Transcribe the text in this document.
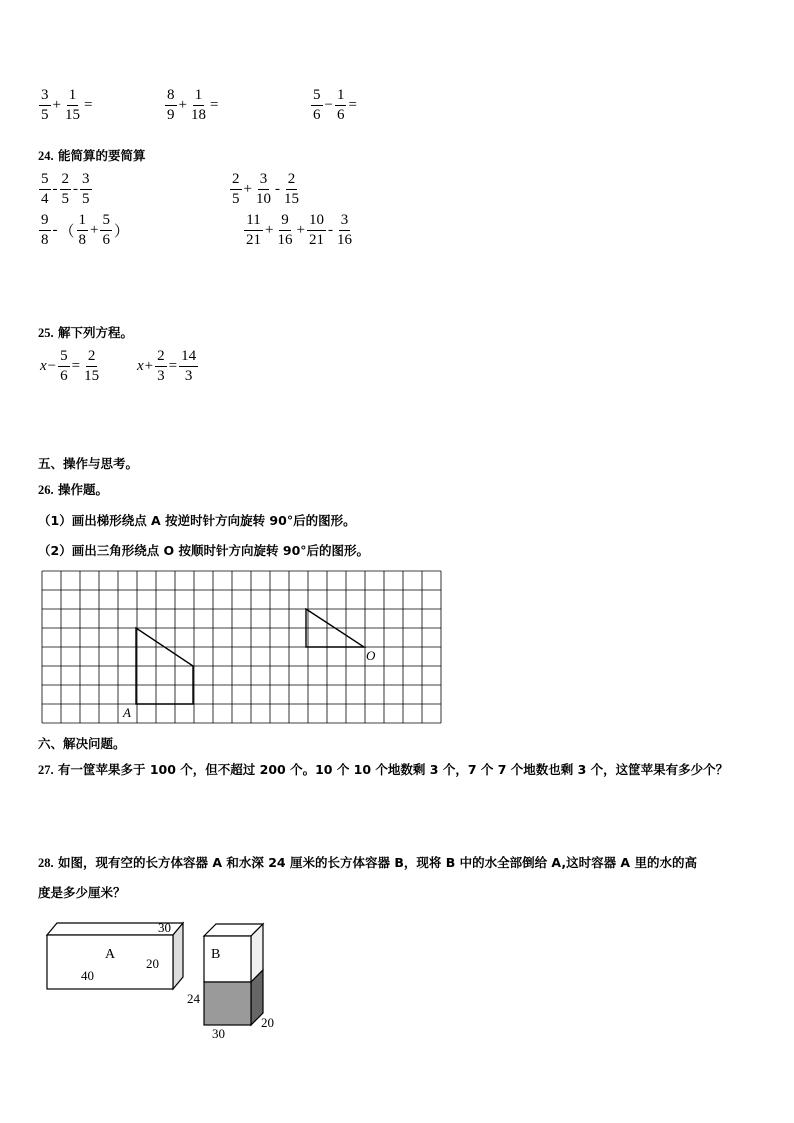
$\frac{3}{5} + \frac{1}{15}$ =	$\frac{8}{9} + \frac{1}{18}$ =	$\frac{5}{6} - \frac{1}{6}$ =
24. 能简算的要简算
$\frac{5}{4} - \frac{2}{5} - \frac{3}{5}$	$\frac{2}{5} + \frac{3}{10} - \frac{2}{15}$
$\frac{9}{8}$ - （ $\frac{1}{8} + \frac{5}{6}$ ）	$\frac{11}{21} + \frac{9}{16} + \frac{10}{21} - \frac{3}{16}$
25. 解下列方程。
$x - \frac{5}{6} = \frac{2}{15}$ $x + \frac{2}{3} = \frac{14}{3}$
五、操作与思考。
26. 操作题。
（1）画出梯形绕点 A 按逆时针方向旋转 90°后的图形。
（2）画出三角形绕点 O 按顺时针方向旋转 90°后的图形。
A
O
A
30
20
40
B
24
30
20
六、解决问题。
27. 有一筐苹果多于 100 个，但不超过 200 个。10 个 10 个地数剩 3 个，7 个 7 个地数也剩 3 个，这筐苹果有多少个？
28. 如图，现有空的长方体容器 A 和水深 24 厘米的长方体容器 B，现将 B 中的水全部倒给 A,这时容器 A 里的水的高
度是多少厘米？
